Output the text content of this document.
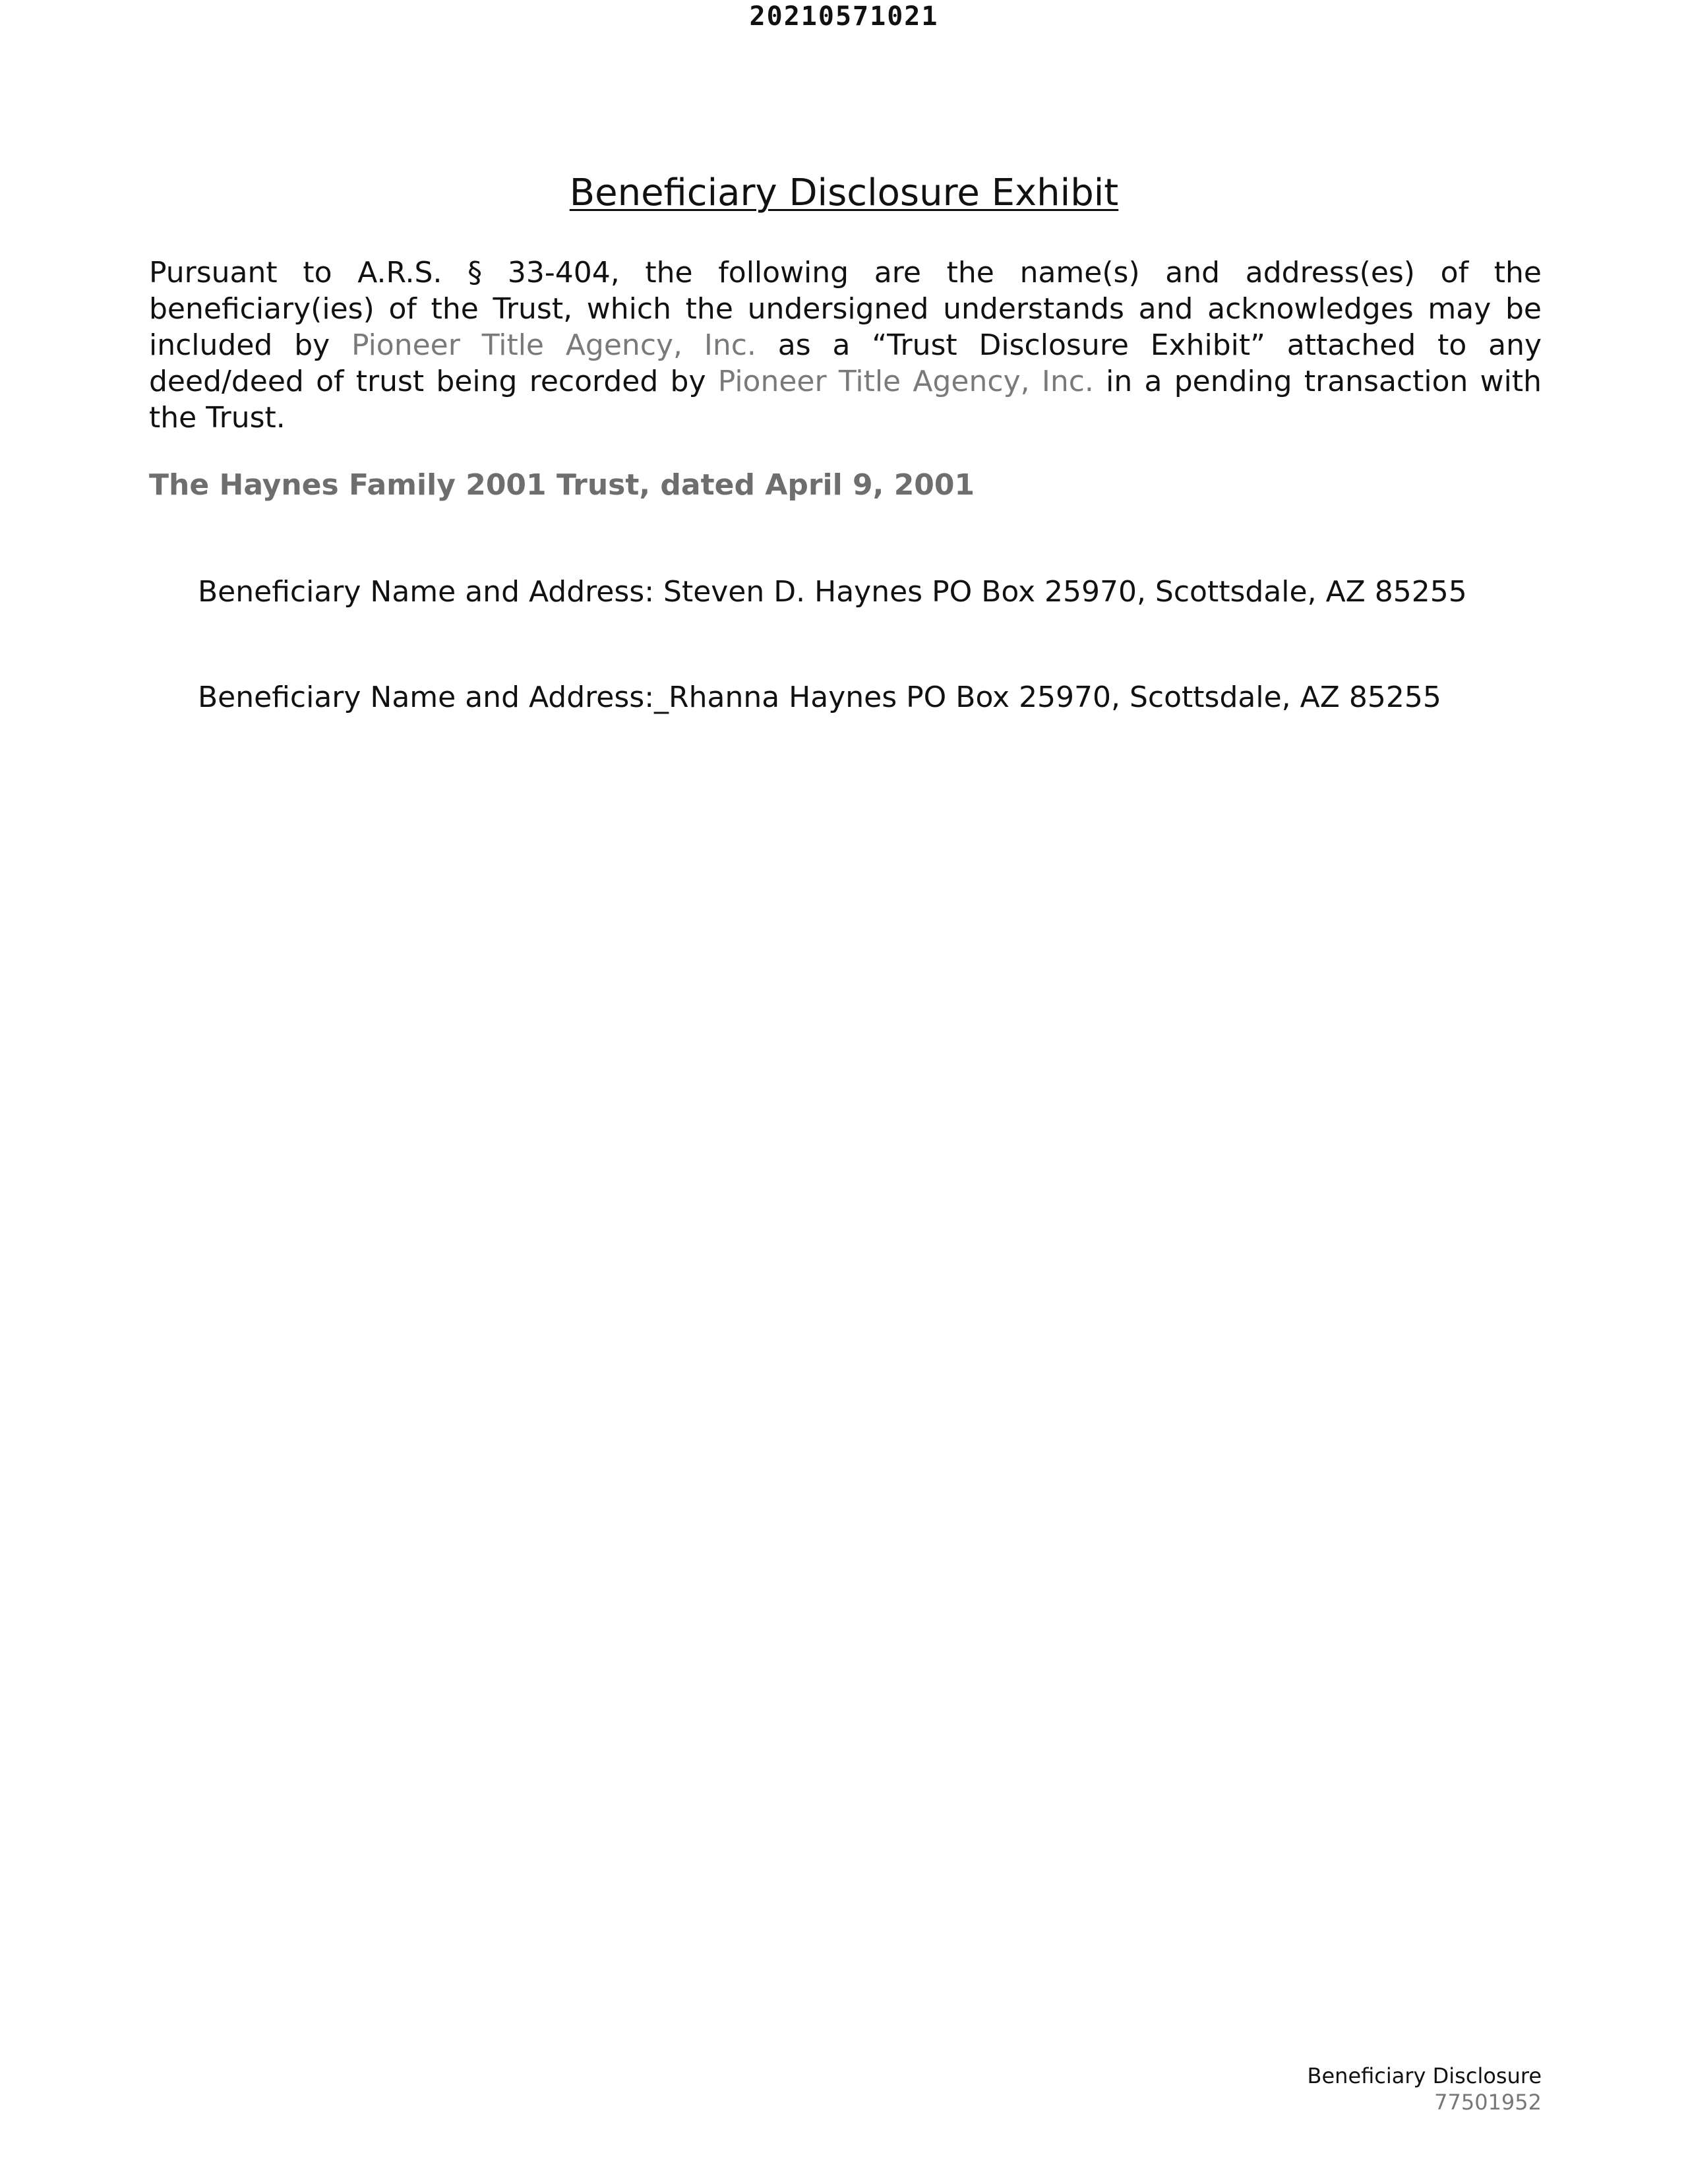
20210571021
Beneficiary Disclosure Exhibit

Pursuant to A.R.S. § 33-404, the following are the name(s) and address(es) of the beneficiary(ies) of the Trust, which the undersigned understands and acknowledges may be included by Pioneer Title Agency, Inc. as a “Trust Disclosure Exhibit” attached to any deed/deed of trust being recorded by Pioneer Title Agency, Inc. in a pending transaction with the Trust.

The Haynes Family 2001 Trust, dated April 9, 2001
Beneficiary Name and Address: Steven D. Haynes PO Box 25970, Scottsdale, AZ 85255
Beneficiary Name and Address:_Rhanna Haynes PO Box 25970, Scottsdale, AZ 85255
Beneficiary Disclosure
77501952
